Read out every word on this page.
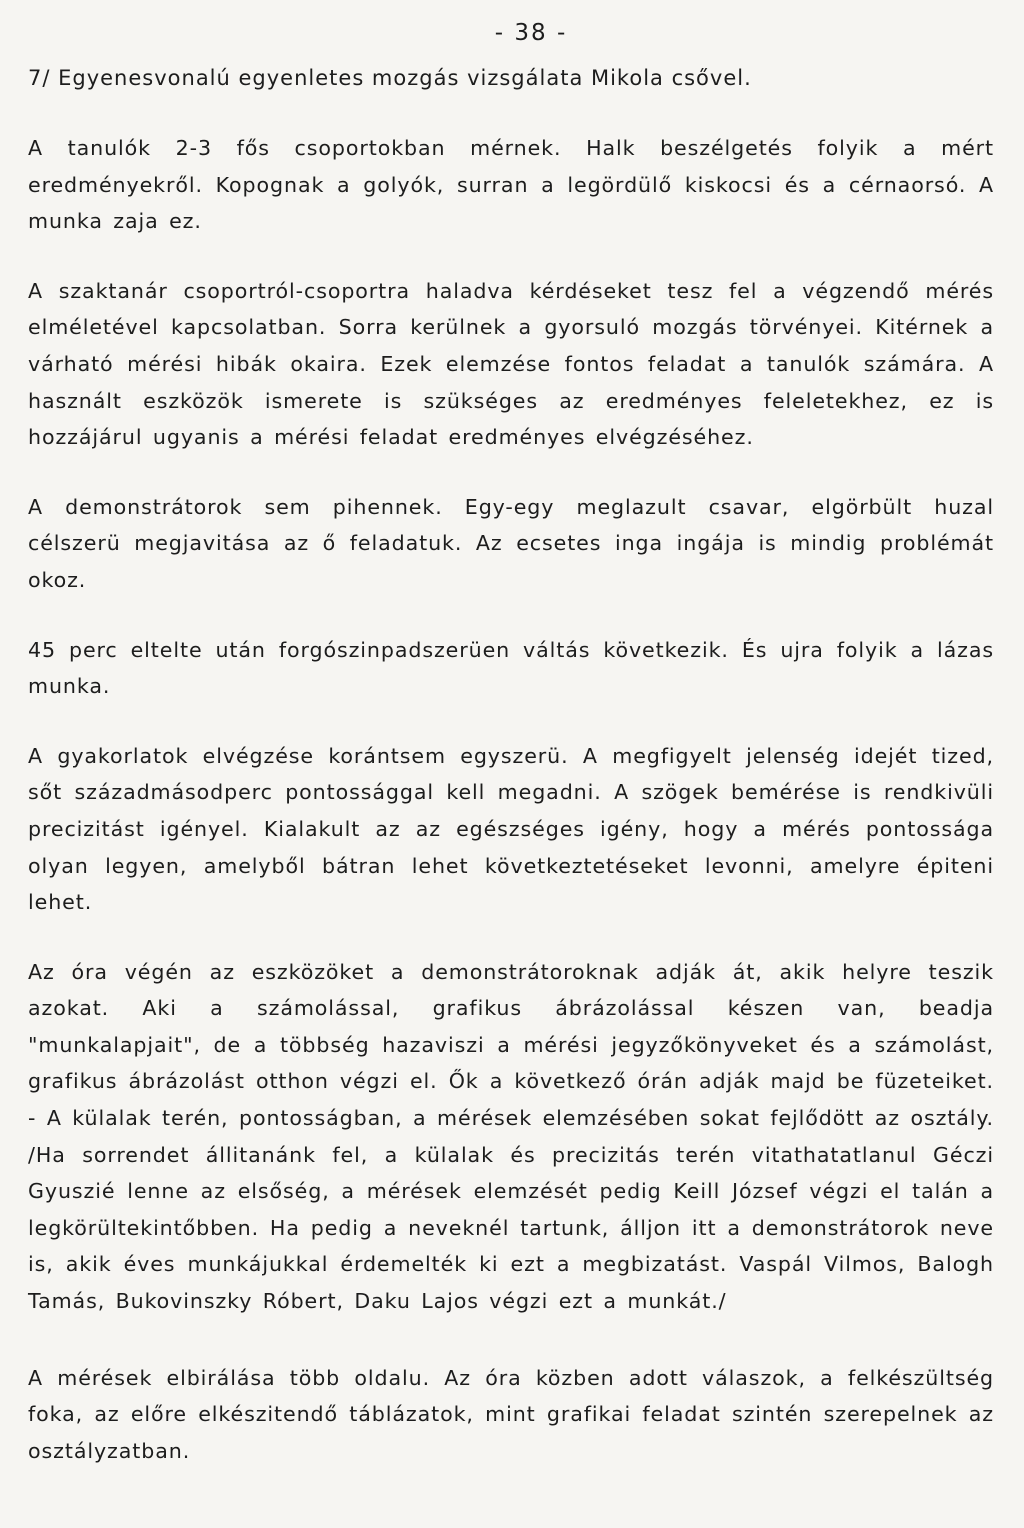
- 38 -
7/ Egyenesvonalú egyenletes mozgás vizsgálata Mikola csővel.

A tanulók 2-3 fős csoportokban mérnek. Halk beszélgetés folyik a mért eredményekről. Kopognak a golyók, surran a legördülő kiskocsi és a cérnaorsó. A munka zaja ez.

A szaktanár csoportról-csoportra haladva kérdéseket tesz fel a végzendő mérés elméletével kapcsolatban. Sorra kerülnek a gyorsuló mozgás törvényei. Kitérnek a várható mérési hibák okaira. Ezek elemzése fontos feladat a tanulók számára. A használt eszközök ismerete is szükséges az eredményes feleletekhez, ez is hozzájárul ugyanis a mérési feladat eredményes elvégzéséhez.

A demonstrátorok sem pihennek. Egy-egy meglazult csavar, elgörbült huzal célszerü megjavitása az ő feladatuk. Az ecsetes inga ingája is mindig problémát okoz.

45 perc eltelte után forgószinpadszerüen váltás következik. És ujra folyik a lázas munka.

A gyakorlatok elvégzése korántsem egyszerü. A megfigyelt jelenség idejét tized, sőt századmásodperc pontossággal kell megadni. A szögek bemérése is rendkivüli precizitást igényel. Kialakult az az egészséges igény, hogy a mérés pontossága olyan legyen, amelyből bátran lehet következtetéseket levonni, amelyre épiteni lehet.

Az óra végén az eszközöket a demonstrátoroknak adják át, akik helyre teszik azokat. Aki a számolással, grafikus ábrázolással készen van, beadja "munkalapjait", de a többség hazaviszi a mérési jegyzőkönyveket és a számolást, grafikus ábrázolást otthon végzi el. Ők a következő órán adják majd be füzeteiket. - A külalak terén, pontosságban, a mérések elemzésében sokat fejlődött az osztály. /Ha sorrendet állitanánk fel, a külalak és precizitás terén vitathatatlanul Géczi Gyuszié lenne az elsőség, a mérések elemzését pedig Keill József végzi el talán a legkörültekintőbben. Ha pedig a neveknél tartunk, álljon itt a demonstrátorok neve is, akik éves munkájukkal érdemelték ki ezt a megbizatást. Vaspál Vilmos, Balogh Tamás, Bukovinszky Róbert, Daku Lajos végzi ezt a munkát./

A mérések elbirálása több oldalu. Az óra közben adott válaszok, a felkészültség foka, az előre elkészitendő táblázatok, mint grafikai feladat szintén szerepelnek az osztályzatban.
